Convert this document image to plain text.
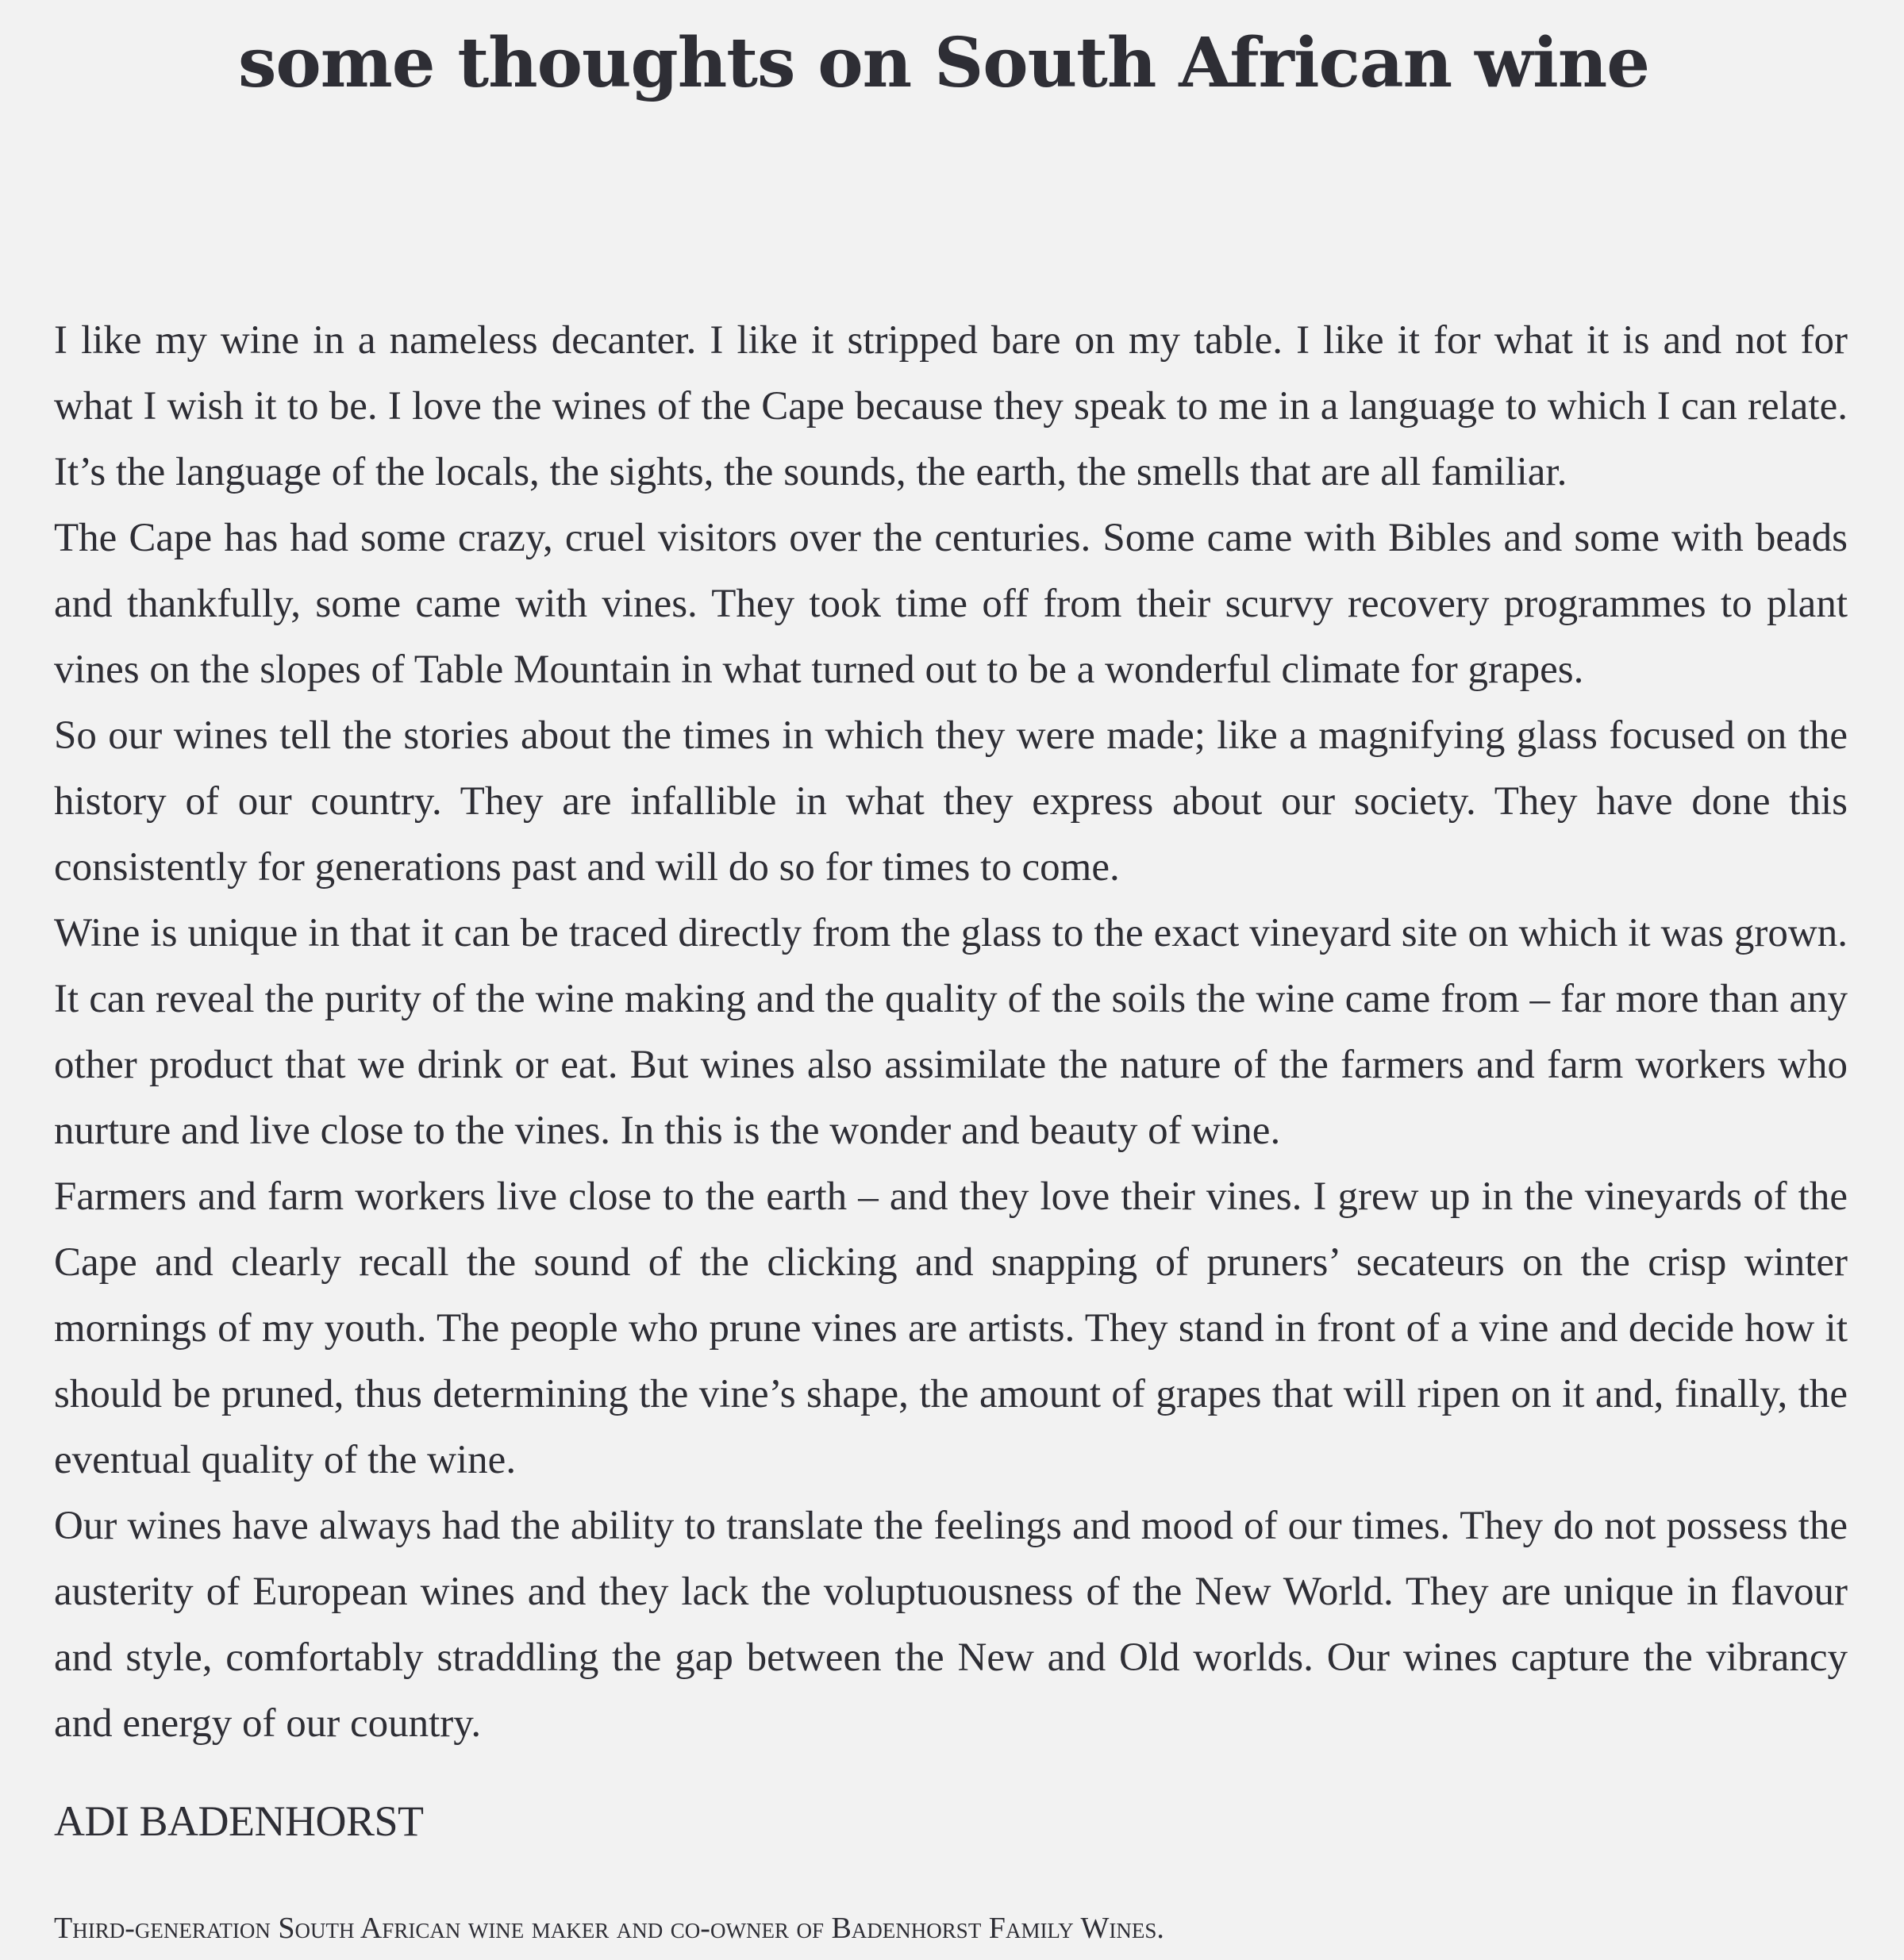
some thoughts on South African wine

I like my wine in a nameless decanter. I like it stripped bare on my table. I like it for what it is and not for what I wish it to be. I love the wines of the Cape because they speak to me in a language to which I can relate. It’s the language of the locals, the sights, the sounds, the earth, the smells that are all familiar.

The Cape has had some crazy, cruel visitors over the centuries. Some came with Bibles and some with beads and thankfully, some came with vines. They took time off from their scurvy recovery programmes to plant vines on the slopes of Table Mountain in what turned out to be a wonderful climate for grapes.

So our wines tell the stories about the times in which they were made; like a magnifying glass focused on the history of our country. They are infallible in what they express about our society. They have done this consistently for generations past and will do so for times to come.

Wine is unique in that it can be traced directly from the glass to the exact vineyard site on which it was grown. It can reveal the purity of the wine making and the quality of the soils the wine came from – far more than any other product that we drink or eat. But wines also assimilate the nature of the farmers and farm workers who nurture and live close to the vines. In this is the wonder and beauty of wine.

Farmers and farm workers live close to the earth – and they love their vines. I grew up in the vineyards of the Cape and clearly recall the sound of the clicking and snapping of pruners’ secateurs on the crisp winter mornings of my youth. The people who prune vines are artists. They stand in front of a vine and decide how it should be pruned, thus determining the vine’s shape, the amount of grapes that will ripen on it and, finally, the eventual quality of the wine.

Our wines have always had the ability to translate the feelings and mood of our times. They do not possess the austerity of European wines and they lack the voluptuousness of the New World. They are unique in flavour and style, comfortably straddling the gap between the New and Old worlds. Our wines capture the vibrancy and energy of our country.

ADI BADENHORST
Third-generation South African wine maker and co-owner of Badenhorst Family Wines.
